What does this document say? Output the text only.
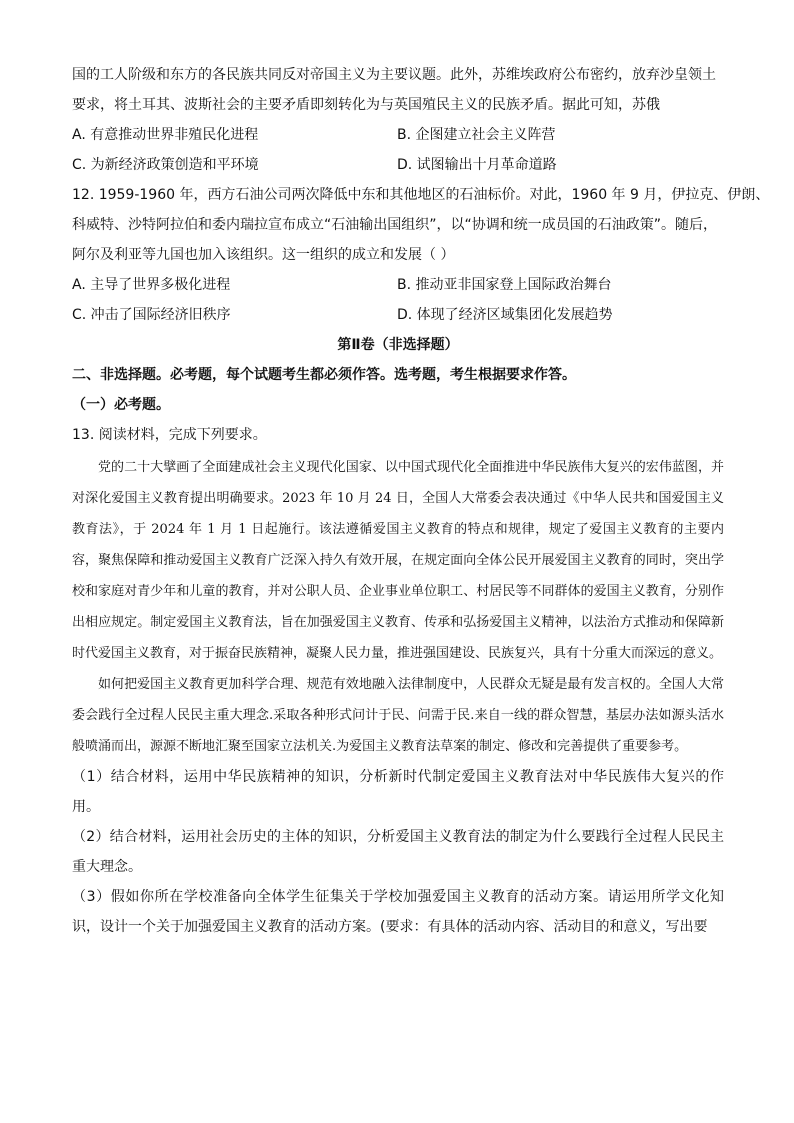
国的工人阶级和东方的各民族共同反对帝国主义为主要议题。此外，苏维埃政府公布密约，放弃沙皇领土
要求，将土耳其、波斯社会的主要矛盾即刻转化为与英国殖民主义的民族矛盾。据此可知，苏俄
A. 有意推动世界非殖民化进程	B. 企图建立社会主义阵营
C. 为新经济政策创造和平环境	D. 试图输出十月革命道路
12. 1959-1960 年，西方石油公司两次降低中东和其他地区的石油标价。对此，1960 年 9 月，伊拉克、伊朗、
科威特、沙特阿拉伯和委内瑞拉宣布成立“石油输出国组织”，以“协调和统一成员国的石油政策”。随后，
阿尔及利亚等九国也加入该组织。这一组织的成立和发展（ ）
A. 主导了世界多极化进程	B. 推动亚非国家登上国际政治舞台
C. 冲击了国际经济旧秩序	D. 体现了经济区域集团化发展趋势
第Ⅱ卷（非选择题）
二、非选择题。必考题，每个试题考生都必须作答。选考题，考生根据要求作答。
（一）必考题。
13. 阅读材料，完成下列要求。

党的二十大擘画了全面建成社会主义现代化国家、以中国式现代化全面推进中华民族伟大复兴的宏伟蓝图，并对深化爱国主义教育提出明确要求。2023 年 10 月 24 日，全国人大常委会表决通过《中华人民共和国爱国主义教育法》，于 2024 年 1 月 1 日起施行。该法遵循爱国主义教育的特点和规律，规定了爱国主义教育的主要内容，聚焦保障和推动爱国主义教育广泛深入持久有效开展，在规定面向全体公民开展爱国主义教育的同时，突出学校和家庭对青少年和儿童的教育，并对公职人员、企业事业单位职工、村居民等不同群体的爱国主义教育，分别作出相应规定。制定爱国主义教育法，旨在加强爱国主义教育、传承和弘扬爱国主义精神，以法治方式推动和保障新时代爱国主义教育，对于振奋民族精神，凝聚人民力量，推进强国建设、民族复兴，具有十分重大而深远的意义。

如何把爱国主义教育更加科学合理、规范有效地融入法律制度中，人民群众无疑是最有发言权的。全国人大常委会践行全过程人民民主重大理念.采取各种形式问计于民、问需于民.来自一线的群众智慧，基层办法如源头活水般喷涌而出，源源不断地汇聚至国家立法机关.为爱国主义教育法草案的制定、修改和完善提供了重要参考。

（1）结合材料，运用中华民族精神的知识，分析新时代制定爱国主义教育法对中华民族伟大复兴的作用。

（2）结合材料，运用社会历史的主体的知识，分析爱国主义教育法的制定为什么要践行全过程人民民主重大理念。

（3）假如你所在学校准备向全体学生征集关于学校加强爱国主义教育的活动方案。请运用所学文化知识，设计一个关于加强爱国主义教育的活动方案。(要求：有具体的活动内容、活动目的和意义，写出要
